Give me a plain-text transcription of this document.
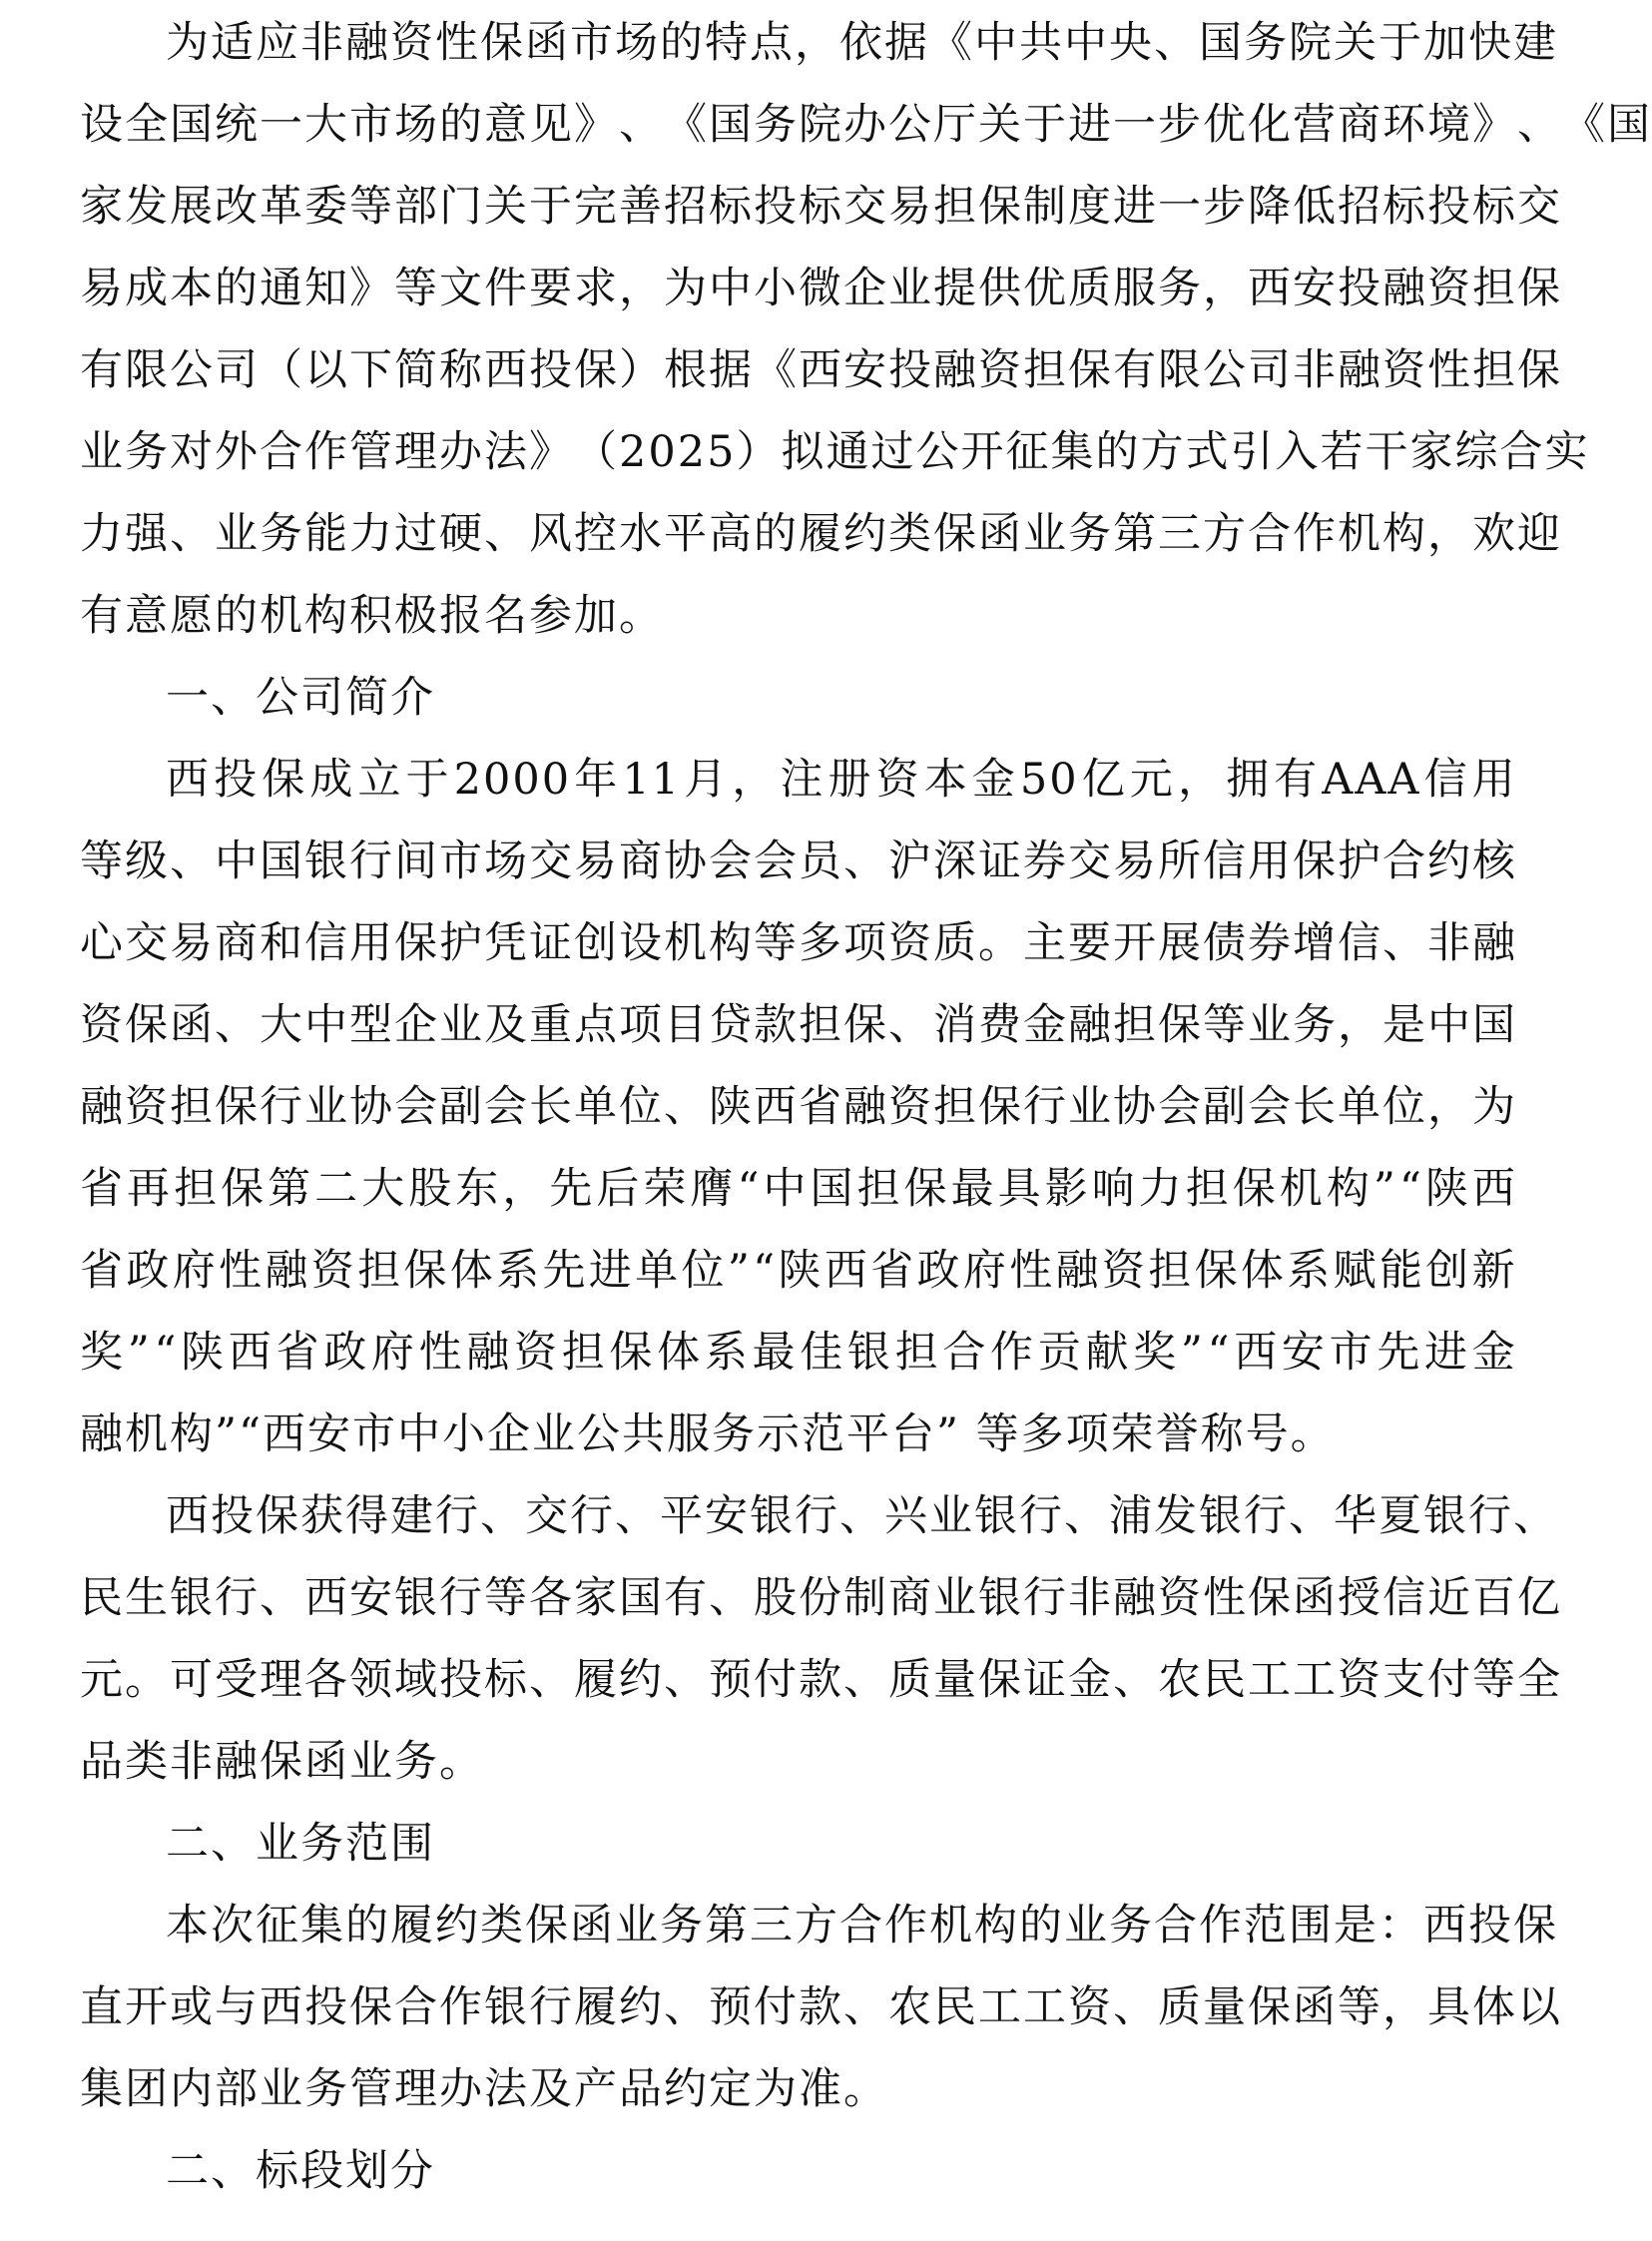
为 适 应 非 融 资 性 保 函 市 场 的 特 点 ， 依 据 《 中 共 中 央 、 国 务 院 关 于 加 快 建
设 全 国 统 一 大 市 场 的 意 见 》 、 《 国 务 院 办 公 厅 关 于 进 一 步 优 化 营 商 环 境 》 、 《 国
家 发 展 改 革 委 等 部 门 关 于 完 善 招 标 投 标 交 易 担 保 制 度 进 一 步 降 低 招 标 投 标 交
易 成 本 的 通 知 》 等 文 件 要 求 ， 为 中 小 微 企 业 提 供 优 质 服 务 ， 西 安 投 融 资 担 保
有 限 公 司 （ 以 下 简 称 西 投 保 ） 根 据 《 西 安 投 融 资 担 保 有 限 公 司 非 融 资 性 担 保
业 务 对 外 合 作 管 理 办 法 》 （ 2025 ） 拟 通 过 公 开 征 集 的 方 式 引 入 若 干 家 综 合 实
力 强 、 业 务 能 力 过 硬 、 风 控 水 平 高 的 履 约 类 保 函 业 务 第 三 方 合 作 机 构 ， 欢 迎
有意愿的机构积极报名参加。
一、公司简介
西 投 保 成 立 于 2000 年 11 月 ， 注 册 资 本 金 50 亿 元 ， 拥 有 AAA 信 用
等 级 、 中 国 银 行 间 市 场 交 易 商 协 会 会 员 、 沪 深 证 券 交 易 所 信 用 保 护 合 约 核
心 交 易 商 和 信 用 保 护 凭 证 创 设 机 构 等 多 项 资 质 。 主 要 开 展 债 券 增 信 、 非 融
资 保 函 、 大 中 型 企 业 及 重 点 项 目 贷 款 担 保 、 消 费 金 融 担 保 等 业 务 ， 是 中 国
融 资 担 保 行 业 协 会 副 会 长 单 位 、 陕 西 省 融 资 担 保 行 业 协 会 副 会 长 单 位 ， 为
省 再 担 保 第 二 大 股 东 ， 先 后 荣 膺 “ 中 国 担 保 最 具 影 响 力 担 保 机 构 ” “ 陕 西
省 政 府 性 融 资 担 保 体 系 先 进 单 位 ” “ 陕 西 省 政 府 性 融 资 担 保 体 系 赋 能 创 新
奖 ” “ 陕 西 省 政 府 性 融 资 担 保 体 系 最 佳 银 担 合 作 贡 献 奖 ” “ 西 安 市 先 进 金
融机构”“西安市中小企业公共服务示范平台” 等多项荣誉称号。
西 投 保 获 得 建 行 、 交 行 、 平 安 银 行 、 兴 业 银 行 、 浦 发 银 行 、 华 夏 银 行 、
民 生 银 行 、 西 安 银 行 等 各 家 国 有 、 股 份 制 商 业 银 行 非 融 资 性 保 函 授 信 近 百 亿
元 。 可 受 理 各 领 域 投 标 、 履 约 、 预 付 款 、 质 量 保 证 金 、 农 民 工 工 资 支 付 等 全
品类非融保函业务。
二、业务范围
本 次 征 集 的 履 约 类 保 函 业 务 第 三 方 合 作 机 构 的 业 务 合 作 范 围 是 ： 西 投 保
直 开 或 与 西 投 保 合 作 银 行 履 约 、 预 付 款 、 农 民 工 工 资 、 质 量 保 函 等 ， 具 体 以
集团内部业务管理办法及产品约定为准。
二、标段划分
